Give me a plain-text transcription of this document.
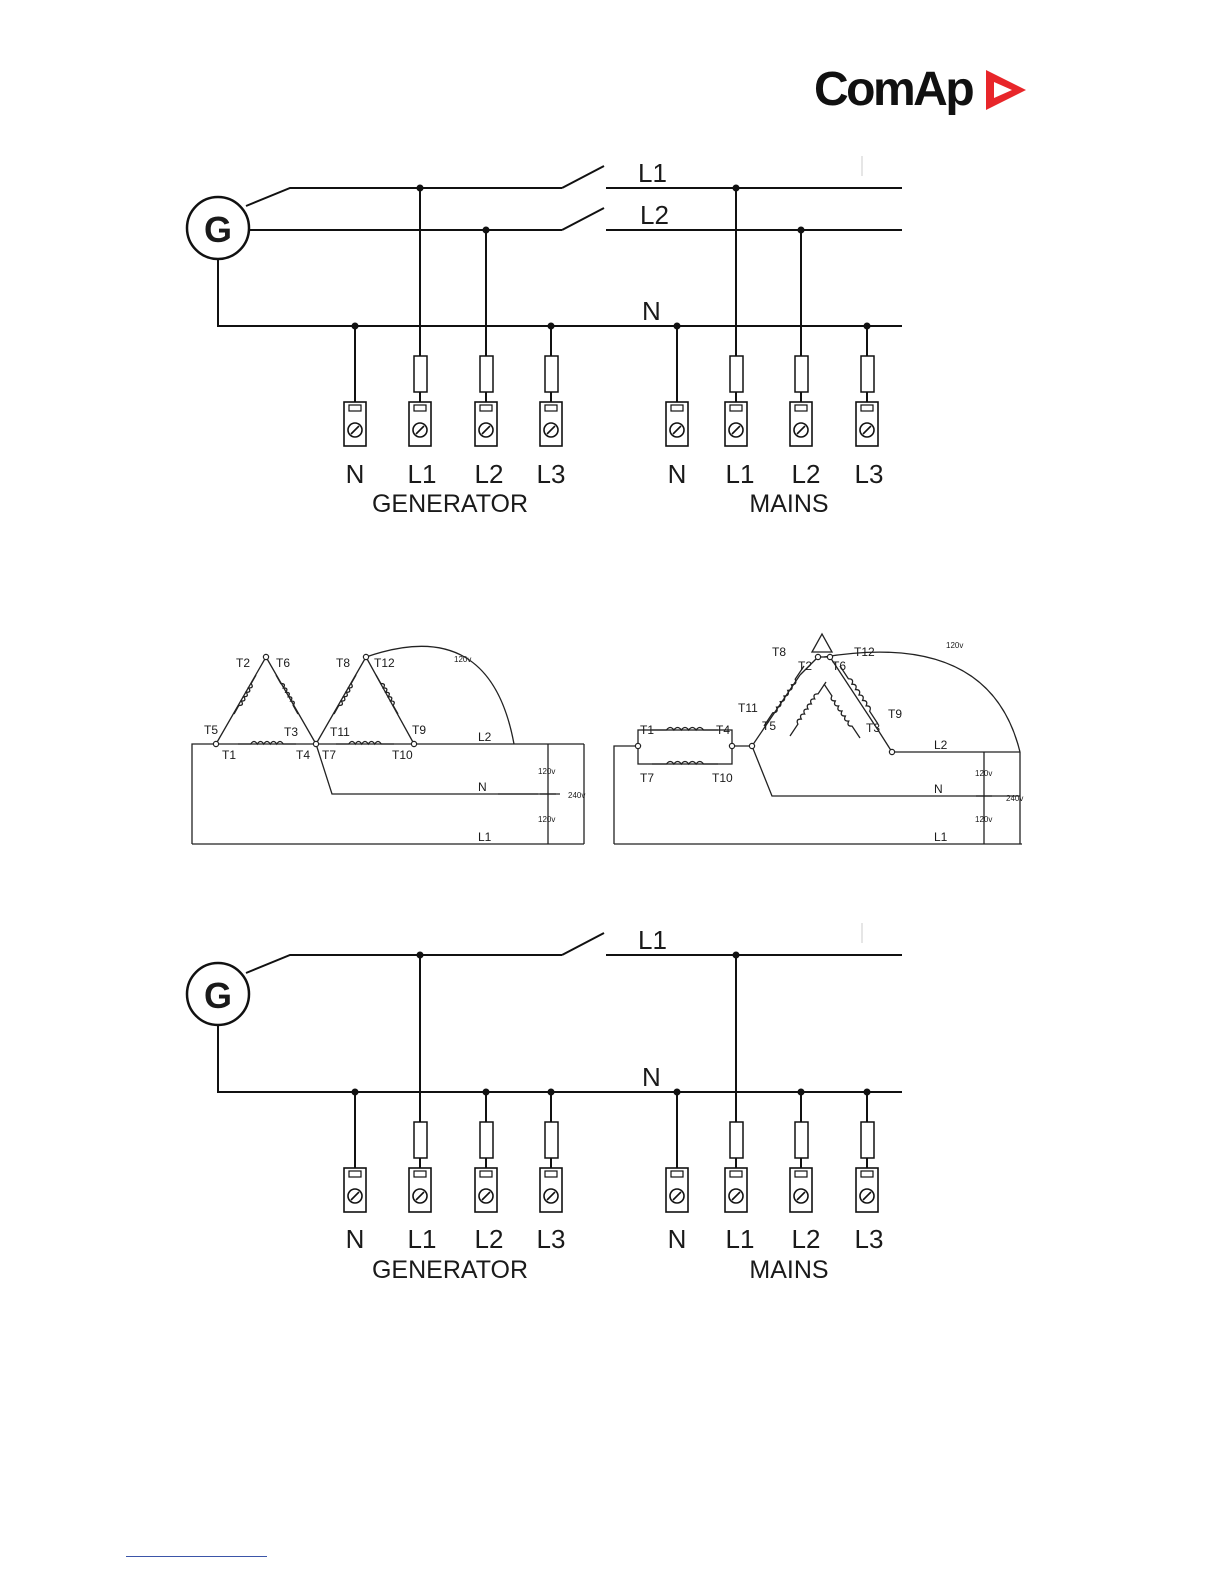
ComAp
G
L1
L2
N
N L1 L2 L3	N L1 L2 L3
GENERATOR	MAINS
T2 T6	T8 T12
T5	T3	T11	T9
T1	T4 T7	T10
L2
N
L1
120v
120v
120v
240v
T8
T2 T6
T12
T11
T5	T3
T9
T1	T4
T7	T10
L2
N
L1
120v
120v
120v
240v
G
L1
N
N L1 L2 L3	N L1 L2 L3
GENERATOR	MAINS
